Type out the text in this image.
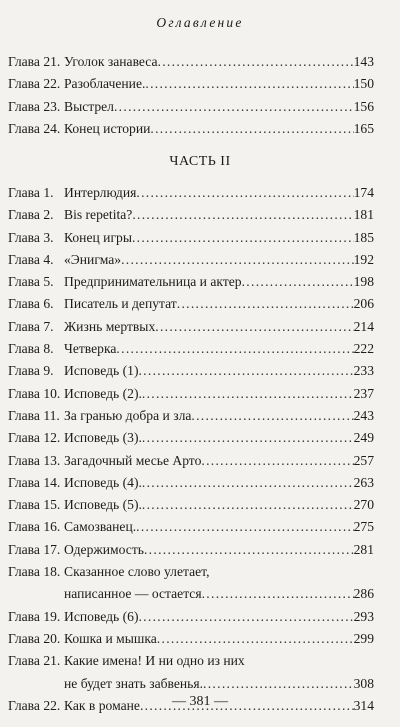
Оглавление
Глава 21. Уголок занавеса .....	143
Глава 22. Разоблачение. .....	150
Глава 23. Выстрел .....	156
Глава 24. Конец истории .....	165
ЧАСТЬ II
Глава 1. Интерлюдия .....	174
Глава 2. Bis repetita? .....	181
Глава 3. Конец игры .....	185
Глава 4. «Энигма» .....	192
Глава 5. Предпринимательница и актер .....	198
Глава 6. Писатель и депутат .....	206
Глава 7. Жизнь мертвых .....	214
Глава 8. Четверка .....	222
Глава 9. Исповедь (1) .....	233
Глава 10. Исповедь (2). .....	237
Глава 11. За гранью добра и зла .....	243
Глава 12. Исповедь (3). .....	249
Глава 13. Загадочный месье Арто .....	257
Глава 14. Исповедь (4). .....	263
Глава 15. Исповедь (5). .....	270
Глава 16. Самозванец. .....	275
Глава 17. Одержимость .....	281
Глава 18. Сказанное слово улетает,
написанное — остается .....	286
Глава 19. Исповедь (6) .....	293
Глава 20. Кошка и мышка .....	299
Глава 21. Какие имена! И ни одно из них
не будет знать забвенья. .....	308
Глава 22. Как в романе .....	314
— 381 —
